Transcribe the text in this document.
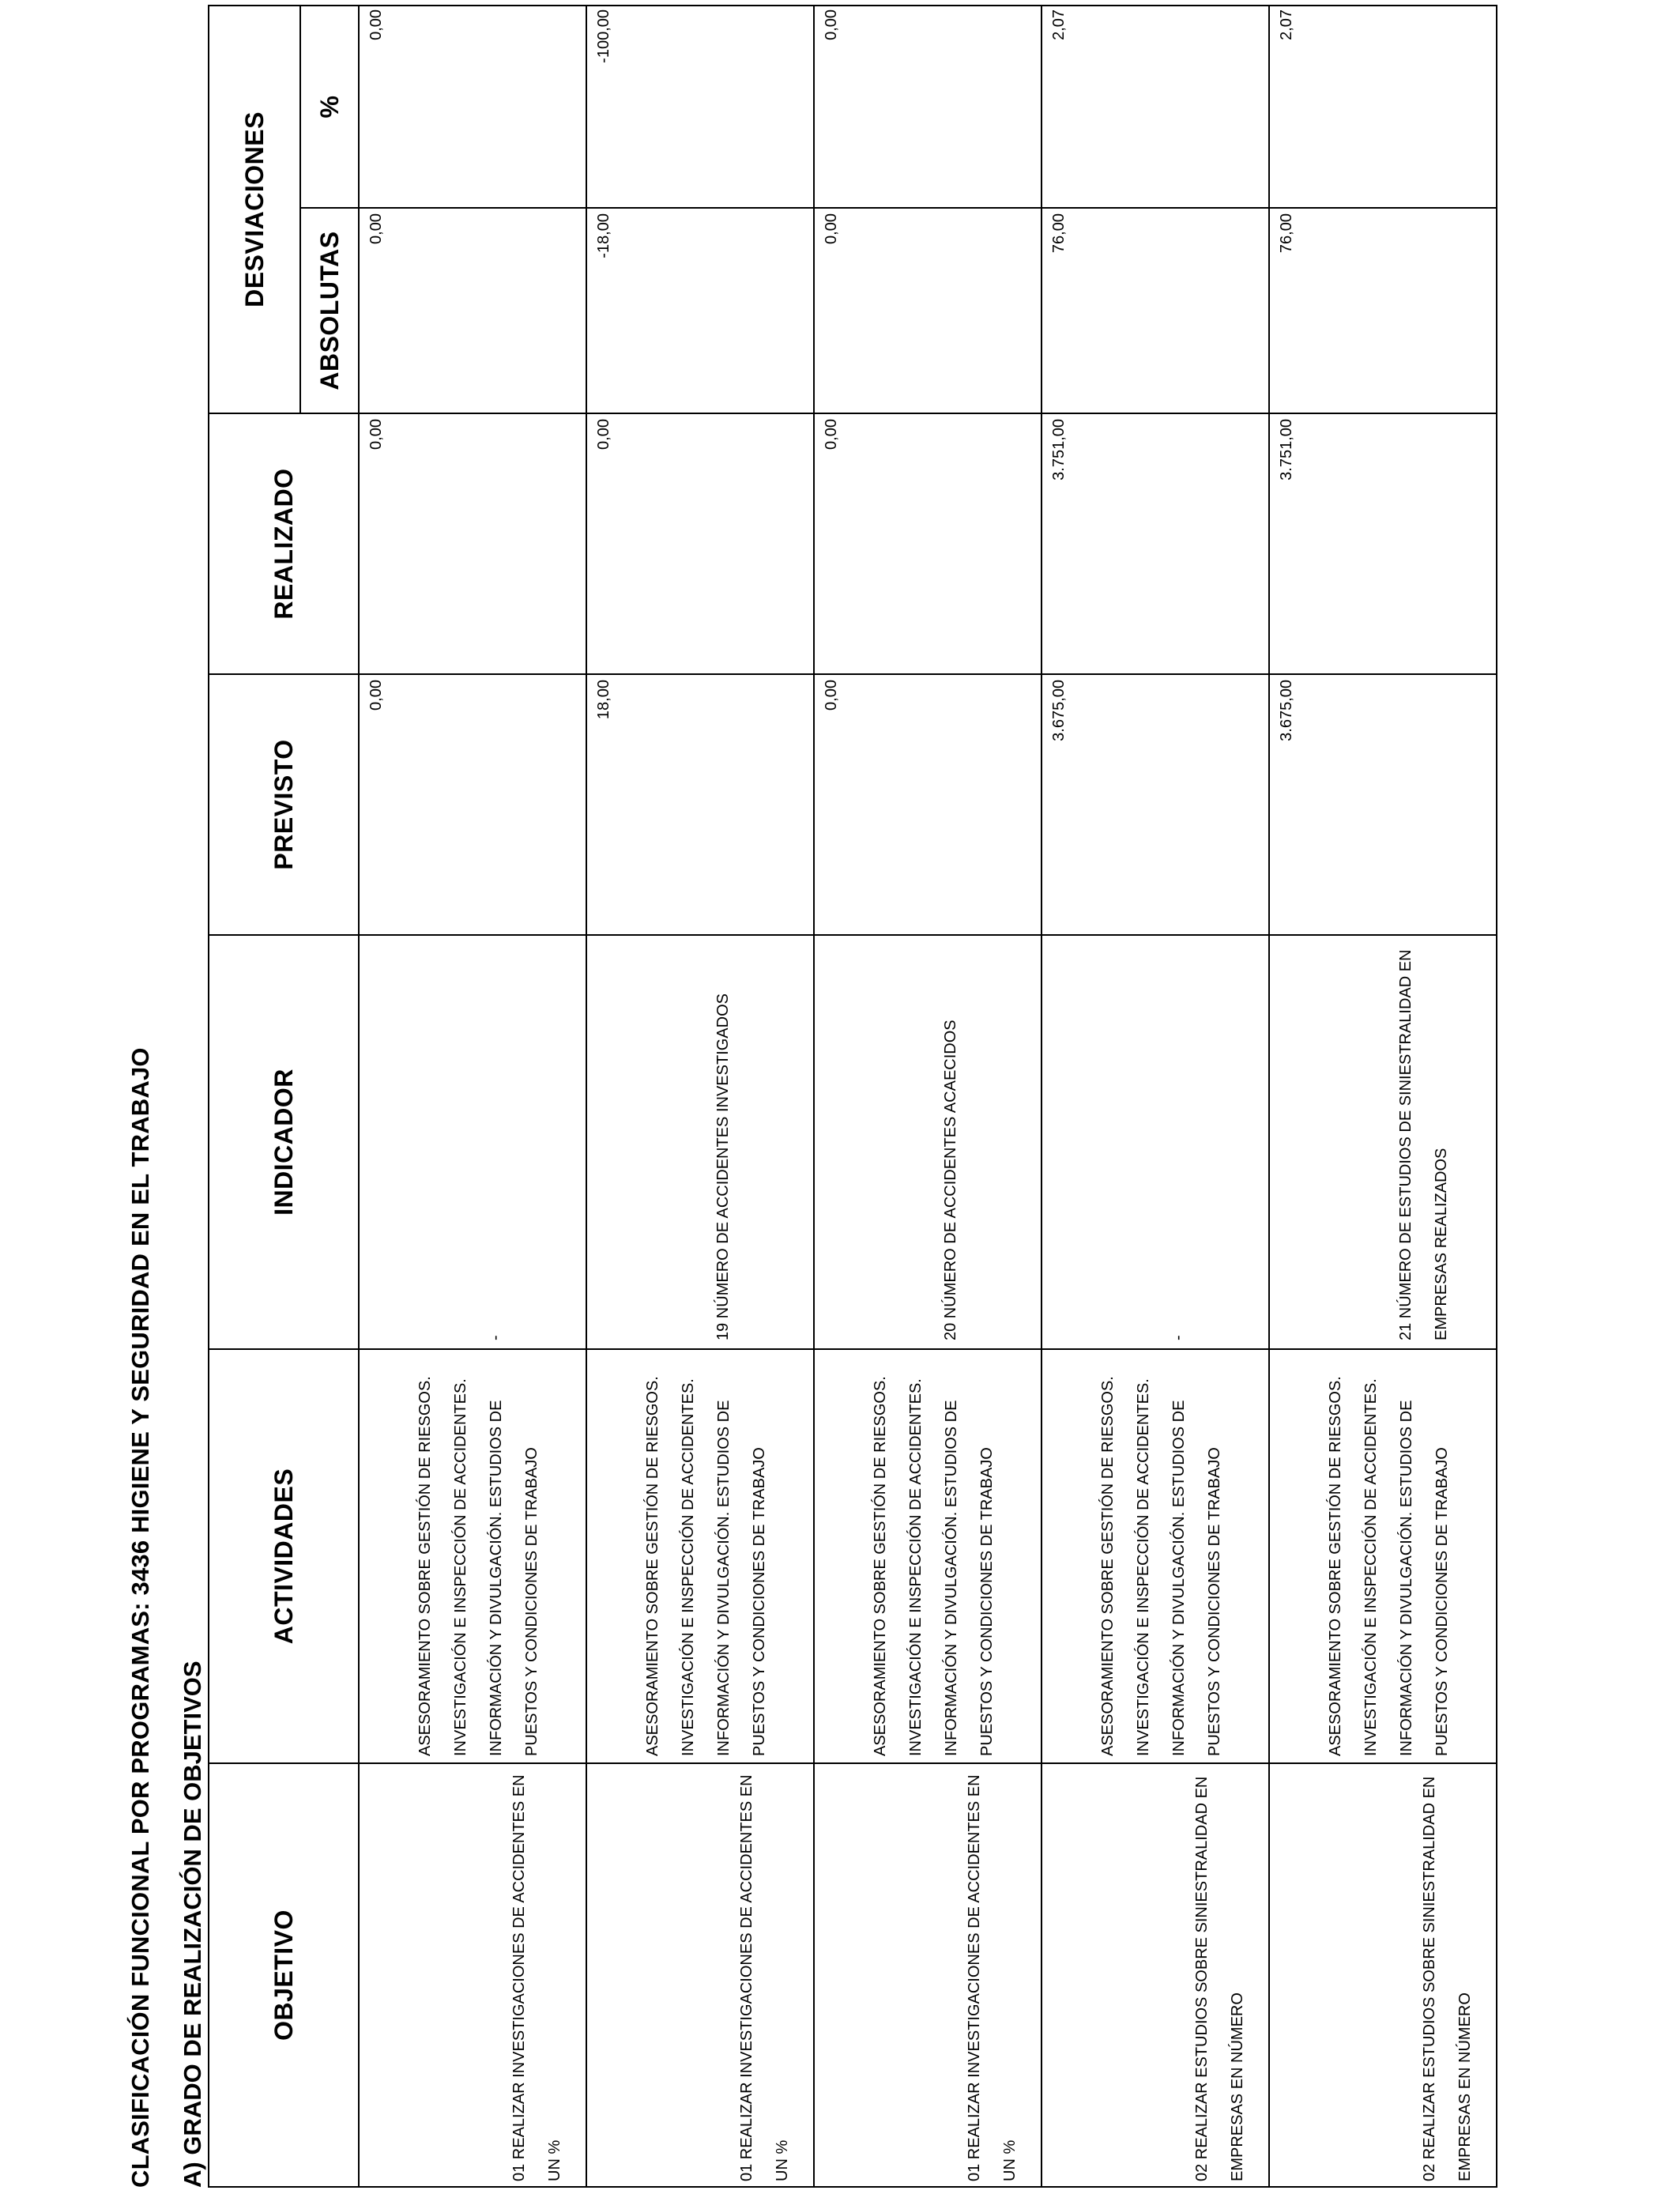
CLASIFICACIÓN FUNCIONAL POR PROGRAMAS: 3436 HIGIENE Y SEGURIDAD EN EL TRABAJO A) GRADO DE REALIZACIÓN DE OBJETIVOS OBJETIVO	ACTIVIDADES	INDICADOR	PREVISTO	REALIZADO	DESVIACIONES	
					ABSOLUTAS	%
01 REALIZAR INVESTIGACIONES DE ACCIDENTES EN UN %	ASESORAMIENTO SOBRE GESTIÓN DE RIESGOS. INVESTIGACIÓN E INSPECCIÓN DE ACCIDENTES. INFORMACIÓN Y DIVULGACIÓN. ESTUDIOS DE PUESTOS Y CONDICIONES DE TRABAJO	-	0,00	0,00	0,00	0,00
01 REALIZAR INVESTIGACIONES DE ACCIDENTES EN UN %	ASESORAMIENTO SOBRE GESTIÓN DE RIESGOS. INVESTIGACIÓN E INSPECCIÓN DE ACCIDENTES. INFORMACIÓN Y DIVULGACIÓN. ESTUDIOS DE PUESTOS Y CONDICIONES DE TRABAJO	19 NÚMERO DE ACCIDENTES INVESTIGADOS	18,00	0,00	-18,00	-100,00
01 REALIZAR INVESTIGACIONES DE ACCIDENTES EN UN %	ASESORAMIENTO SOBRE GESTIÓN DE RIESGOS. INVESTIGACIÓN E INSPECCIÓN DE ACCIDENTES. INFORMACIÓN Y DIVULGACIÓN. ESTUDIOS DE PUESTOS Y CONDICIONES DE TRABAJO	20 NÚMERO DE ACCIDENTES ACAECIDOS	0,00	0,00	0,00	0,00
02 REALIZAR ESTUDIOS SOBRE SINIESTRALIDAD EN EMPRESAS EN NÚMERO	ASESORAMIENTO SOBRE GESTIÓN DE RIESGOS. INVESTIGACIÓN E INSPECCIÓN DE ACCIDENTES. INFORMACIÓN Y DIVULGACIÓN. ESTUDIOS DE PUESTOS Y CONDICIONES DE TRABAJO	-	3.675,00	3.751,00	76,00	2,07
02 REALIZAR ESTUDIOS SOBRE SINIESTRALIDAD EN EMPRESAS EN NÚMERO	ASESORAMIENTO SOBRE GESTIÓN DE RIESGOS. INVESTIGACIÓN E INSPECCIÓN DE ACCIDENTES. INFORMACIÓN Y DIVULGACIÓN. ESTUDIOS DE PUESTOS Y CONDICIONES DE TRABAJO	21 NÚMERO DE ESTUDIOS DE SINIESTRALIDAD EN EMPRESAS REALIZADOS	3.675,00	3.751,00	76,00	2,07
